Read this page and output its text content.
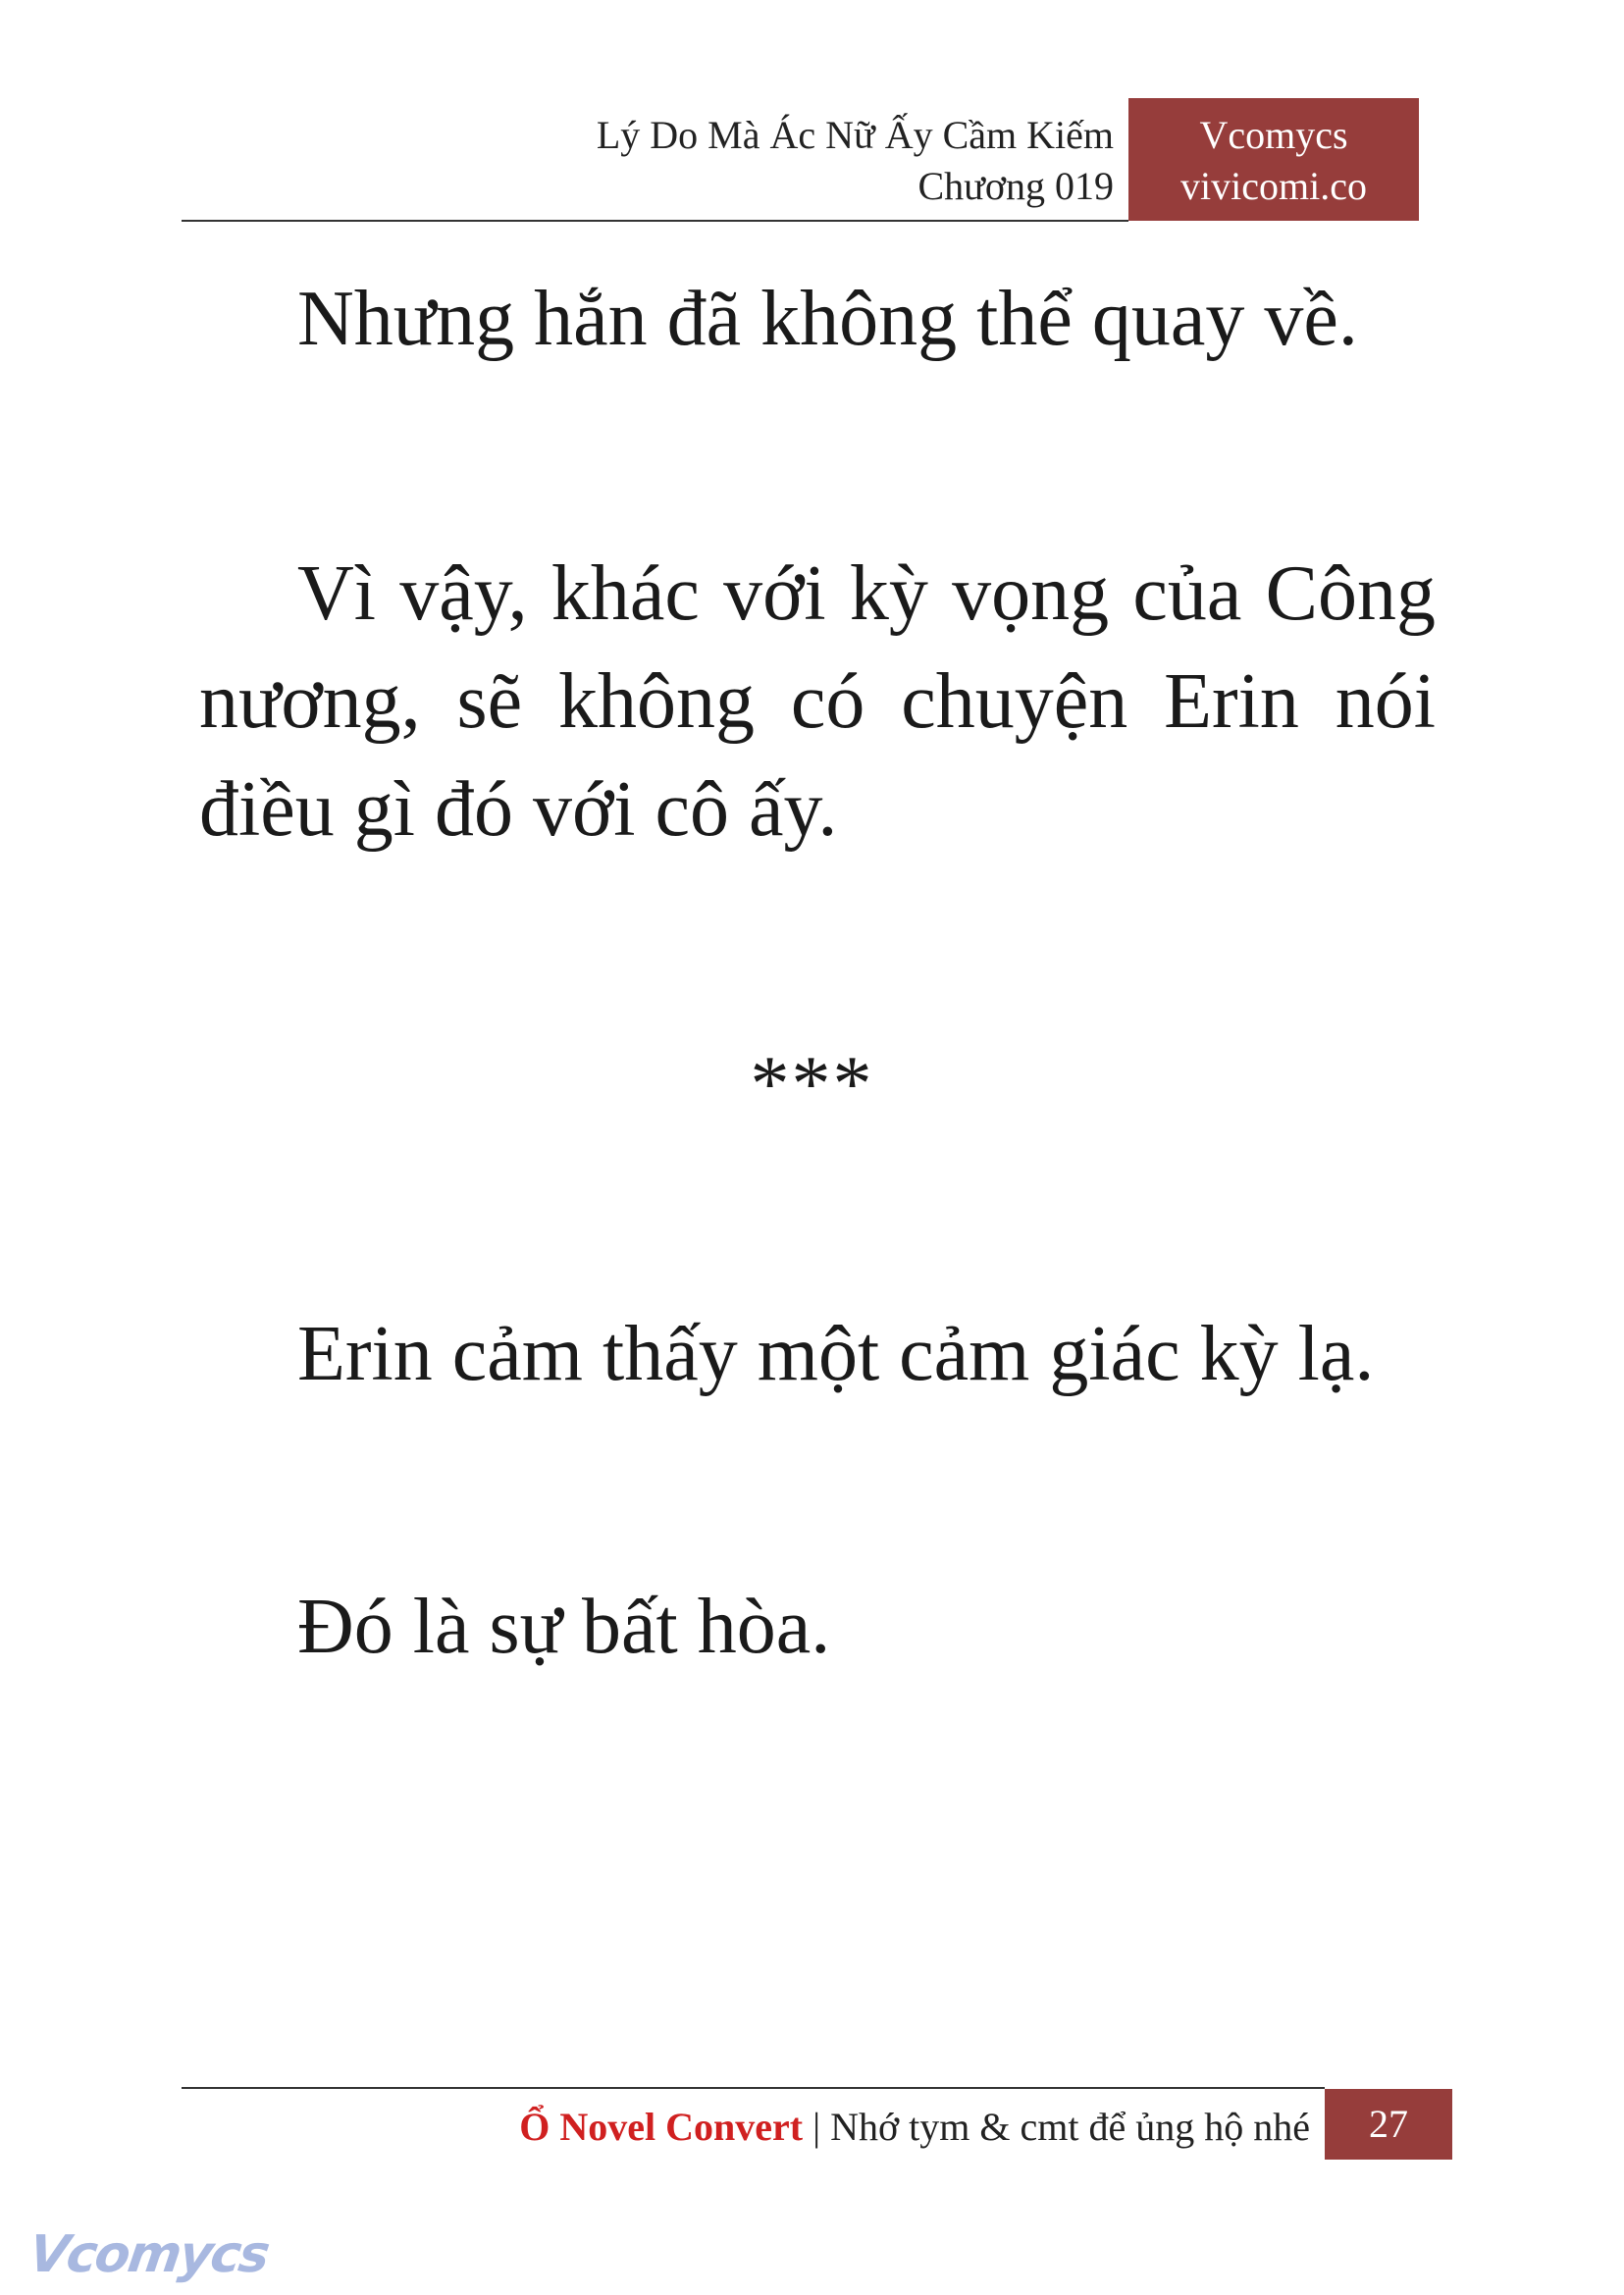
Lý Do Mà Ác Nữ Ấy Cầm Kiếm
Chương 019
Vcomycs
vivicomi.co

Nhưng hắn đã không thể quay về.

Vì vậy, khác với kỳ vọng của Công nương, sẽ không có chuyện Erin nói điều gì đó với cô ấy.

***

Erin cảm thấy một cảm giác kỳ lạ.

Đó là sự bất hòa.

Ổ Novel Convert | Nhớ tym & cmt để ủng hộ nhé	27
Vcomycs
